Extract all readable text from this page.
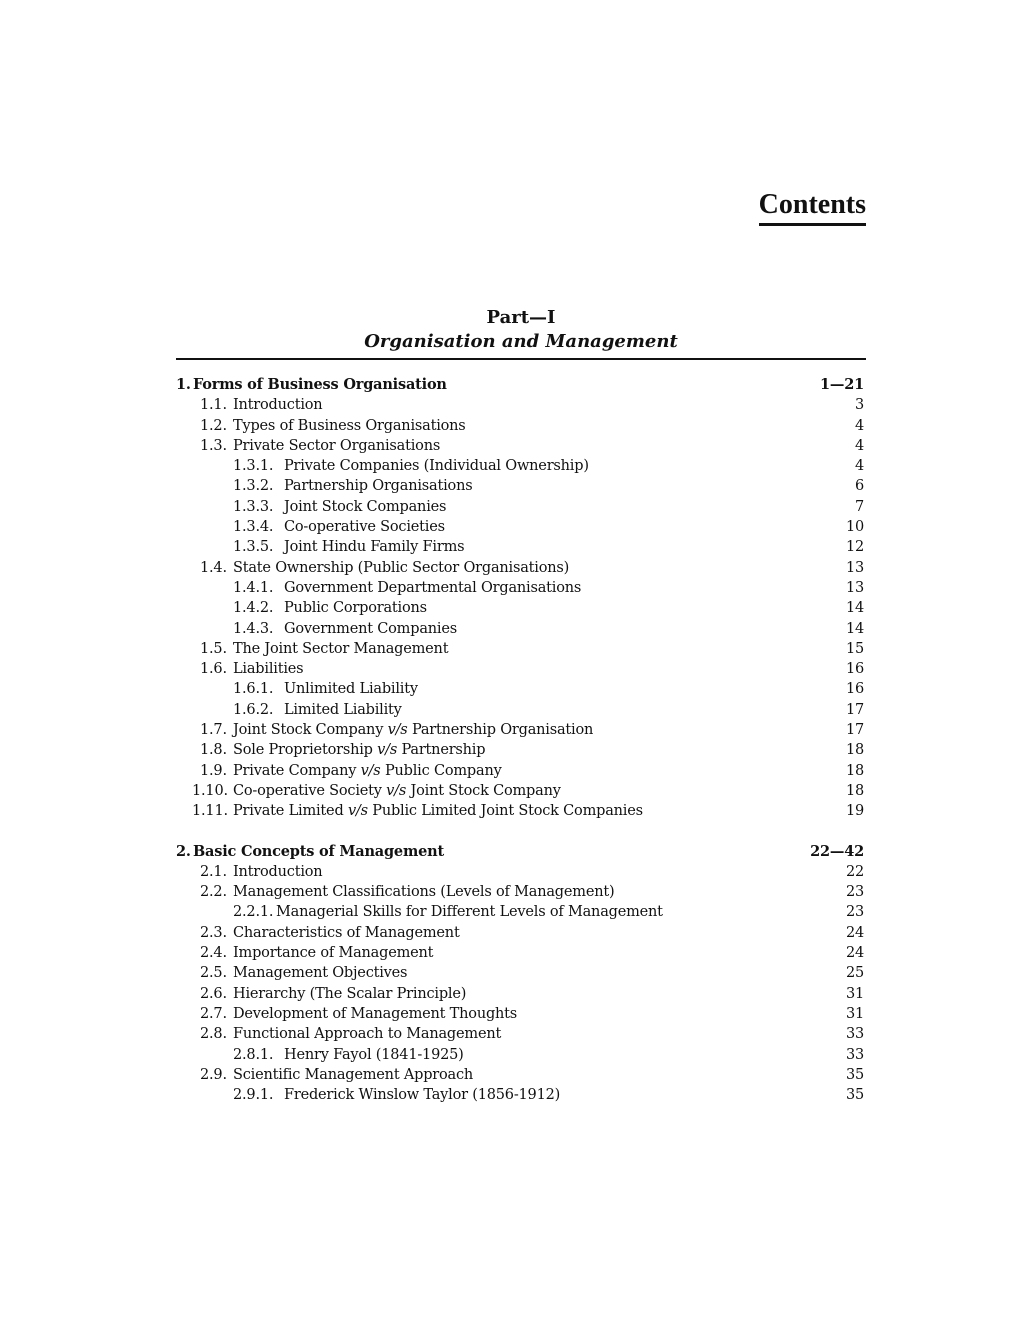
Contents
Part—I
Organisation and Management
1. Forms of Business Organisation	1—21
1.1. Introduction	3
1.2. Types of Business Organisations	4
1.3. Private Sector Organisations	4
1.3.1. Private Companies (Individual Ownership)	4
1.3.2. Partnership Organisations	6
1.3.3. Joint Stock Companies	7
1.3.4. Co-operative Societies	10
1.3.5. Joint Hindu Family Firms	12
1.4. State Ownership (Public Sector Organisations)	13
1.4.1. Government Departmental Organisations	13
1.4.2. Public Corporations	14
1.4.3. Government Companies	14
1.5. The Joint Sector Management	15
1.6. Liabilities	16
1.6.1. Unlimited Liability	16
1.6.2. Limited Liability	17
1.7. Joint Stock Company v/s Partnership Organisation	17
1.8. Sole Proprietorship v/s Partnership	18
1.9. Private Company v/s Public Company	18
1.10. Co-operative Society v/s Joint Stock Company	18
1.11. Private Limited v/s Public Limited Joint Stock Companies	19
2. Basic Concepts of Management	22—42
2.1. Introduction	22
2.2. Management Classifications (Levels of Management)	23
2.2.1. Managerial Skills for Different Levels of Management	23
2.3. Characteristics of Management	24
2.4. Importance of Management	24
2.5. Management Objectives	25
2.6. Hierarchy (The Scalar Principle)	31
2.7. Development of Management Thoughts	31
2.8. Functional Approach to Management	33
2.8.1. Henry Fayol (1841-1925)	33
2.9. Scientific Management Approach	35
2.9.1. Frederick Winslow Taylor (1856-1912)	35
